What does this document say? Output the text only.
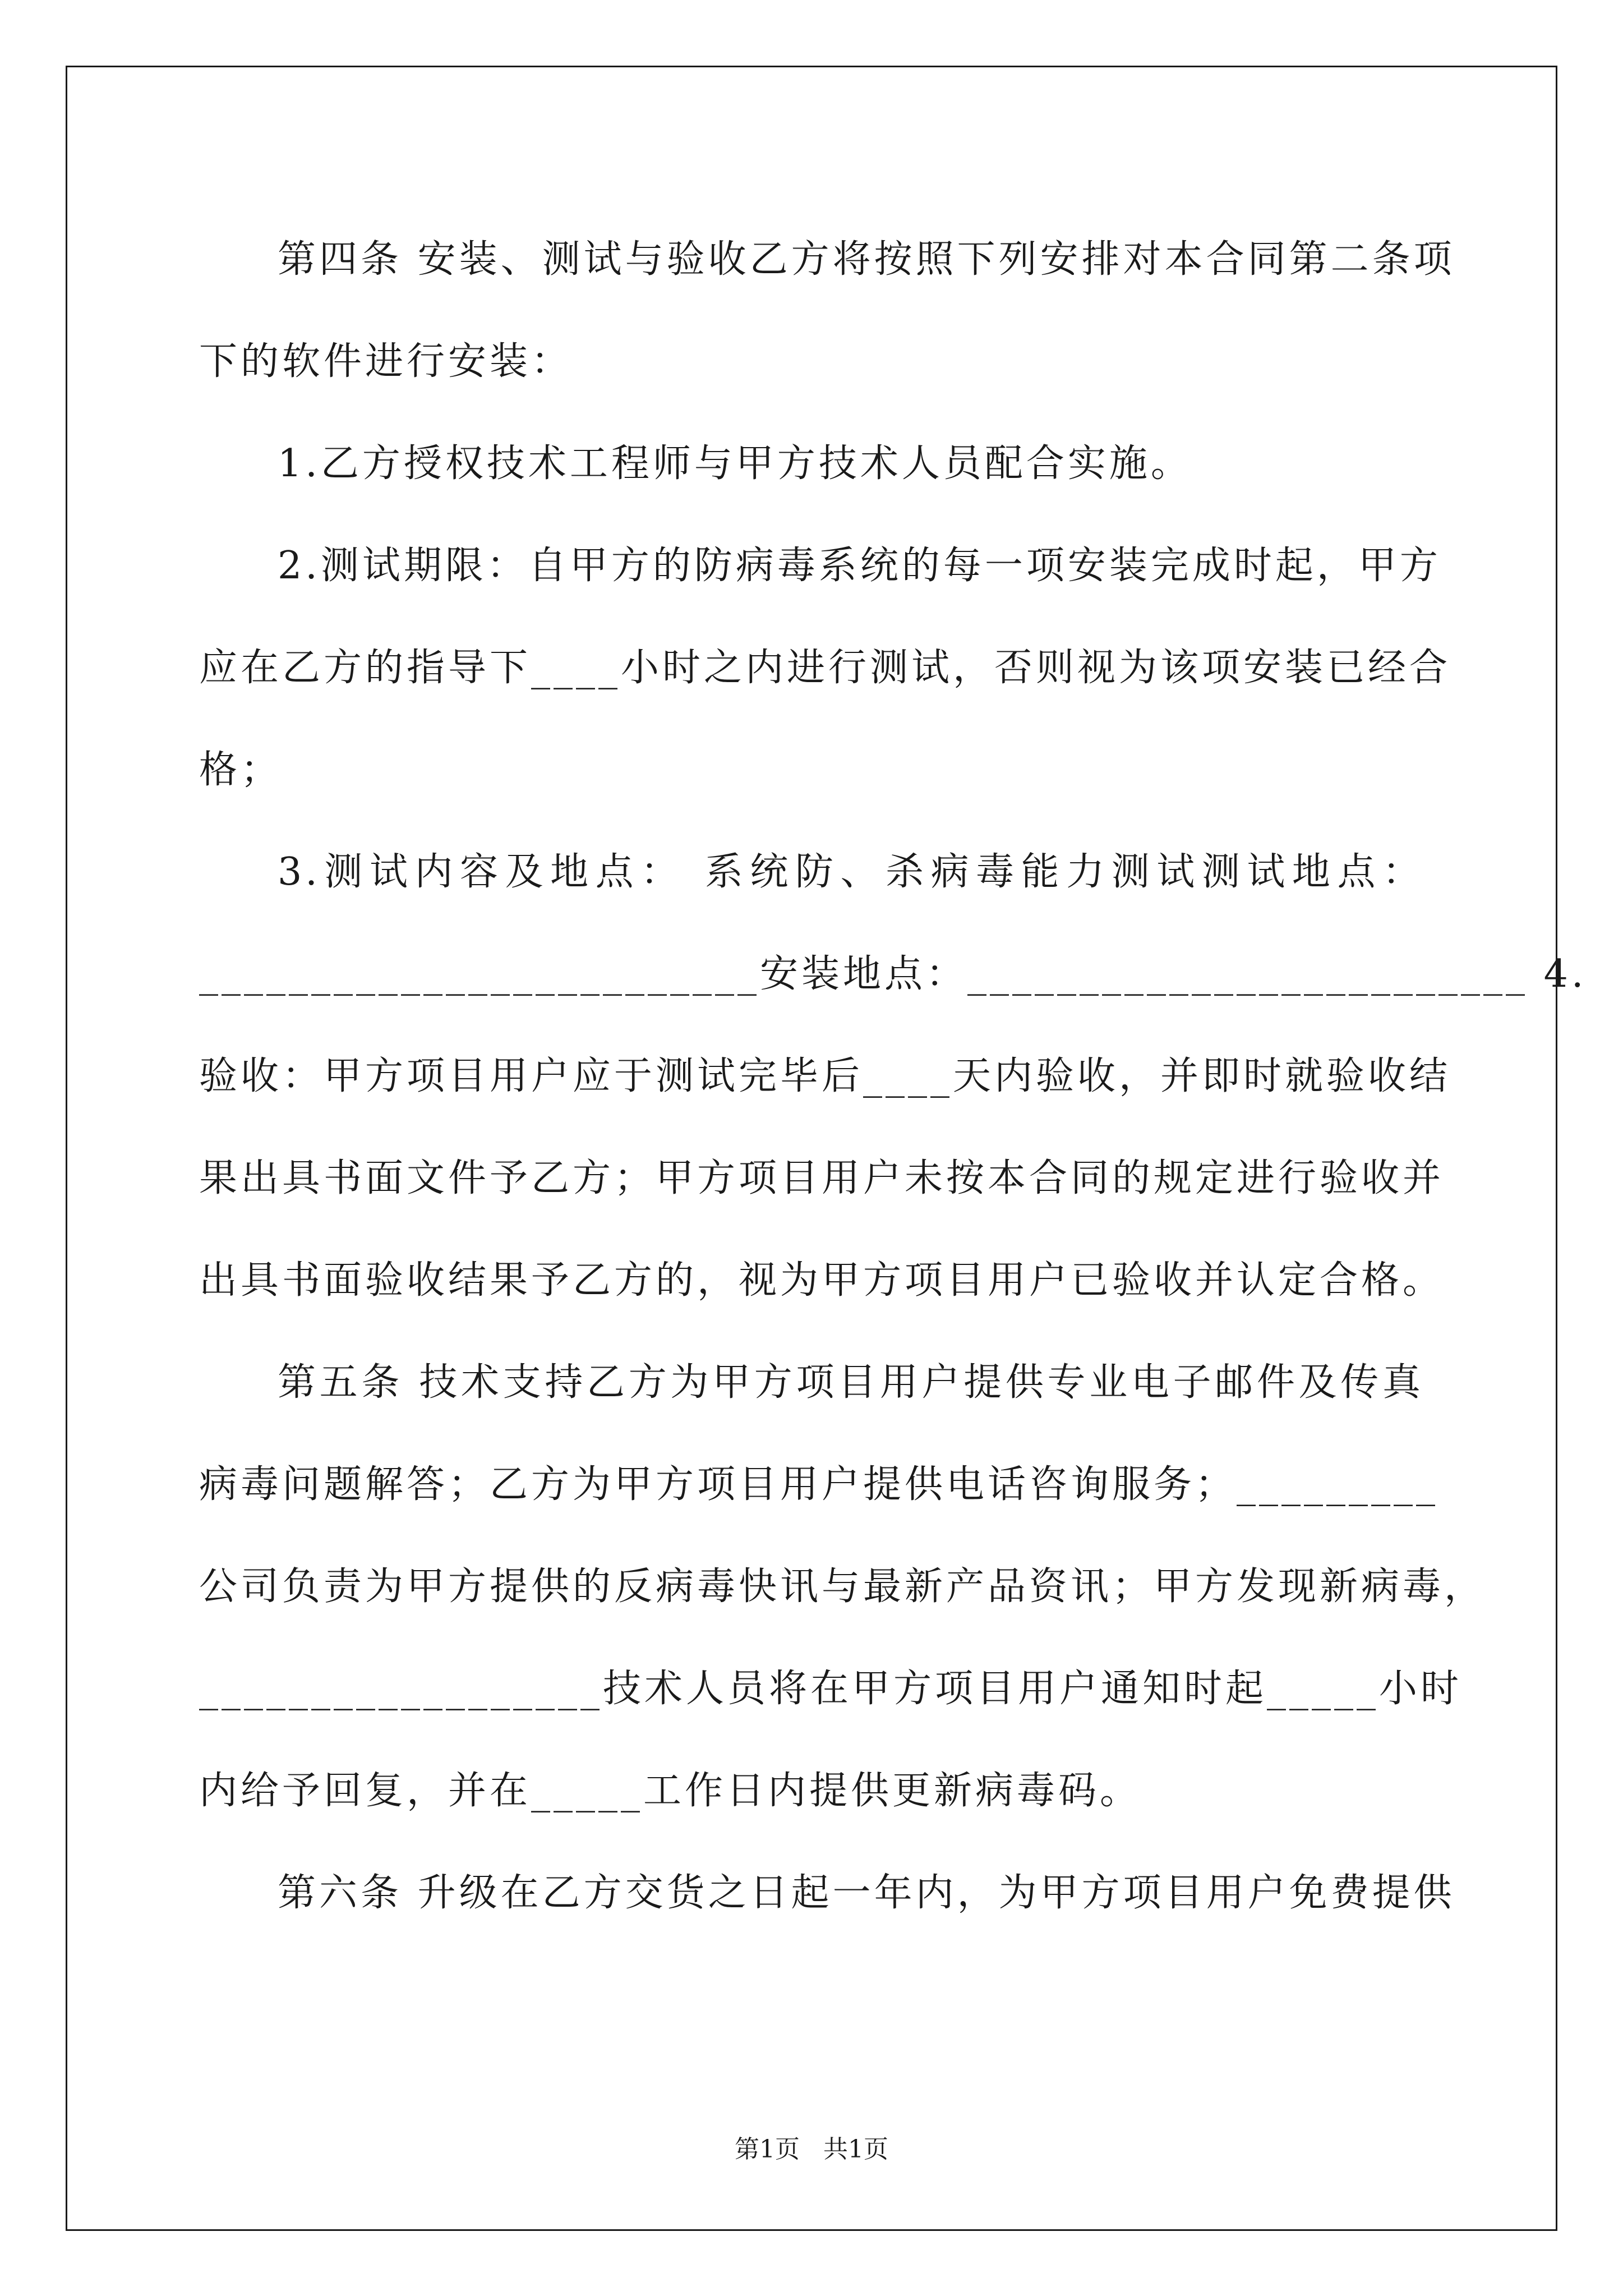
第四条 安装、测试与验收乙方将按照下列安排对本合同第二条项
下的软件进行安装：
1.乙方授权技术工程师与甲方技术人员配合实施。
2.测试期限：自甲方的防病毒系统的每一项安装完成时起，甲方
应在乙方的指导下____小时之内进行测试，否则视为该项安装已经合
格；
3.测试内容及地点： 系统防、杀病毒能力测试测试地点：
_________________________安装地点：_________________________ 4.
验收：甲方项目用户应于测试完毕后____天内验收，并即时就验收结
果出具书面文件予乙方；甲方项目用户未按本合同的规定进行验收并
出具书面验收结果予乙方的，视为甲方项目用户已验收并认定合格。
第五条 技术支持乙方为甲方项目用户提供专业电子邮件及传真
病毒问题解答；乙方为甲方项目用户提供电话咨询服务；_________
公司负责为甲方提供的反病毒快讯与最新产品资讯；甲方发现新病毒，
__________________技术人员将在甲方项目用户通知时起_____小时
内给予回复，并在_____工作日内提供更新病毒码。
第六条 升级在乙方交货之日起一年内，为甲方项目用户免费提供
第1页 共1页
